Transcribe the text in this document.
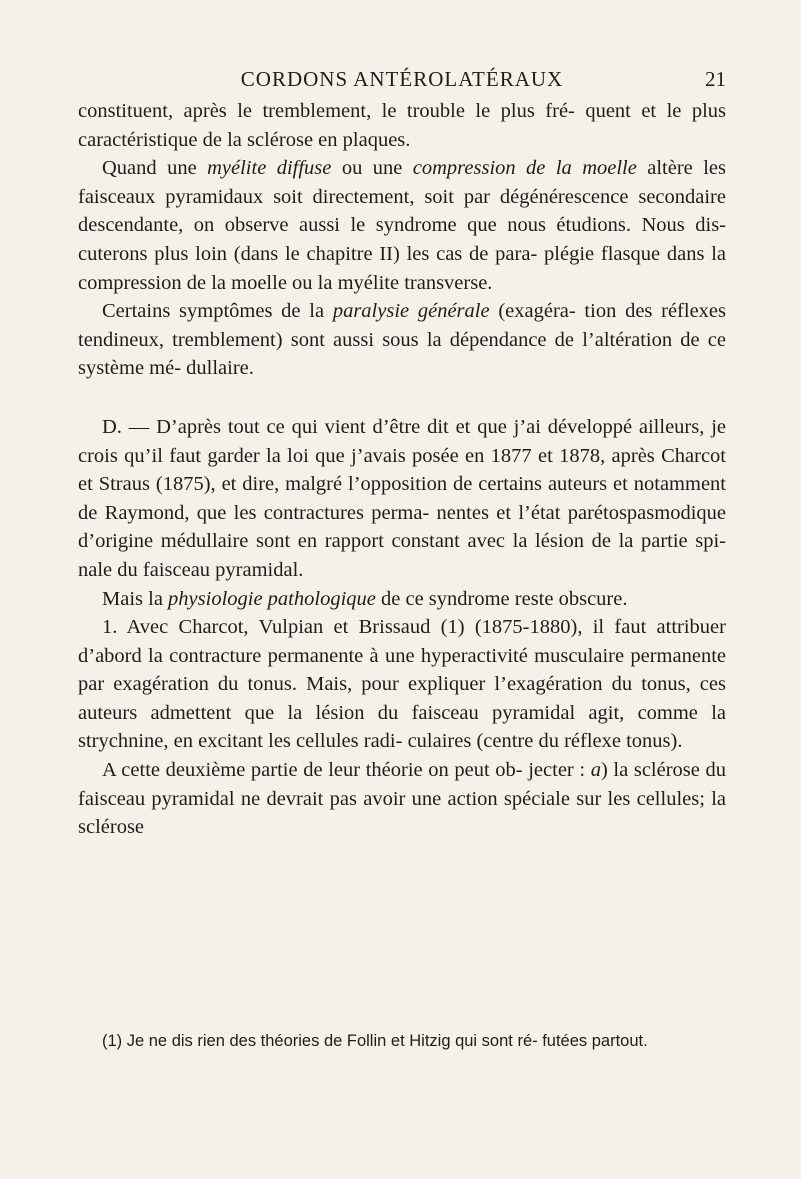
CORDONS ANTÉROLATÉRAUX	21

constituent, après le tremblement, le trouble le plus fré- quent et le plus caractéristique de la sclérose en plaques.

Quand une myélite diffuse ou une compression de la moelle altère les faisceaux pyramidaux soit directement, soit par dégénérescence secondaire descendante, on observe aussi le syndrome que nous étudions. Nous dis- cuterons plus loin (dans le chapitre II) les cas de para- plégie flasque dans la compression de la moelle ou la myélite transverse.

Certains symptômes de la paralysie générale (exagéra- tion des réflexes tendineux, tremblement) sont aussi sous la dépendance de l’altération de ce système mé- dullaire.

D. — D’après tout ce qui vient d’être dit et que j’ai développé ailleurs, je crois qu’il faut garder la loi que j’avais posée en 1877 et 1878, après Charcot et Straus (1875), et dire, malgré l’opposition de certains auteurs et notamment de Raymond, que les contractures perma- nentes et l’état parétospasmodique d’origine médullaire sont en rapport constant avec la lésion de la partie spi- nale du faisceau pyramidal.

Mais la physiologie pathologique de ce syndrome reste obscure.

1. Avec Charcot, Vulpian et Brissaud (1) (1875-1880), il faut attribuer d’abord la contracture permanente à une hyperactivité musculaire permanente par exagération du tonus. Mais, pour expliquer l’exagération du tonus, ces auteurs admettent que la lésion du faisceau pyramidal agit, comme la strychnine, en excitant les cellules radi- culaires (centre du réflexe tonus).

A cette deuxième partie de leur théorie on peut ob- jecter : a) la sclérose du faisceau pyramidal ne devrait pas avoir une action spéciale sur les cellules; la sclérose

(1) Je ne dis rien des théories de Follin et Hitzig qui sont ré- futées partout.
